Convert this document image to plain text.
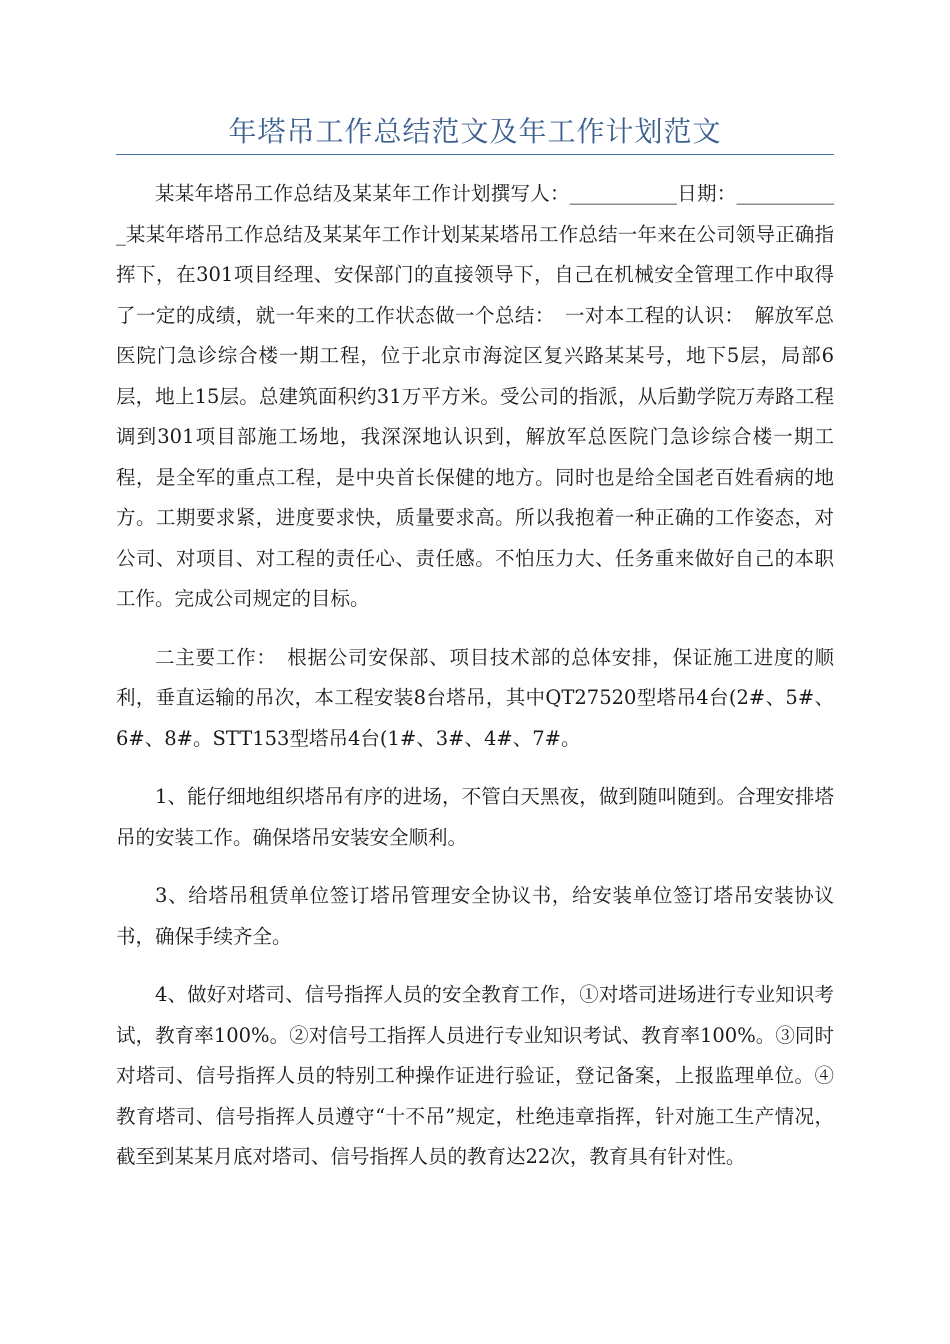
年塔吊工作总结范文及年工作计划范文

某某年塔吊工作总结及某某年工作计划撰写人：___________日期：___________某某年塔吊工作总结及某某年工作计划某某塔吊工作总结一年来在公司领导正确指挥下，在301项目经理、安保部门的直接领导下，自己在机械安全管理工作中取得了一定的成绩，就一年来的工作状态做一个总结：　一对本工程的认识：　解放军总医院门急诊综合楼一期工程，位于北京市海淀区复兴路某某号，地下5层，局部6层，地上15层。总建筑面积约31万平方米。受公司的指派，从后勤学院万寿路工程调到301项目部施工场地，我深深地认识到，解放军总医院门急诊综合楼一期工程，是全军的重点工程，是中央首长保健的地方。同时也是给全国老百姓看病的地方。工期要求紧，进度要求快，质量要求高。所以我抱着一种正确的工作姿态，对公司、对项目、对工程的责任心、责任感。不怕压力大、任务重来做好自己的本职工作。完成公司规定的目标。

二主要工作：　根据公司安保部、项目技术部的总体安排，保证施工进度的顺利，垂直运输的吊次，本工程安装8台塔吊，其中QT27520型塔吊4台(2#、5#、6#、8#。STT153型塔吊4台(1#、3#、4#、7#。

1、能仔细地组织塔吊有序的进场，不管白天黑夜，做到随叫随到。合理安排塔吊的安装工作。确保塔吊安装安全顺利。

3、给塔吊租赁单位签订塔吊管理安全协议书，给安装单位签订塔吊安装协议书，确保手续齐全。

4、做好对塔司、信号指挥人员的安全教育工作，①对塔司进场进行专业知识考试，教育率100%。②对信号工指挥人员进行专业知识考试、教育率100%。③同时对塔司、信号指挥人员的特别工种操作证进行验证，登记备案，上报监理单位。④教育塔司、信号指挥人员遵守“十不吊”规定，杜绝违章指挥，针对施工生产情况，截至到某某月底对塔司、信号指挥人员的教育达22次，教育具有针对性。
